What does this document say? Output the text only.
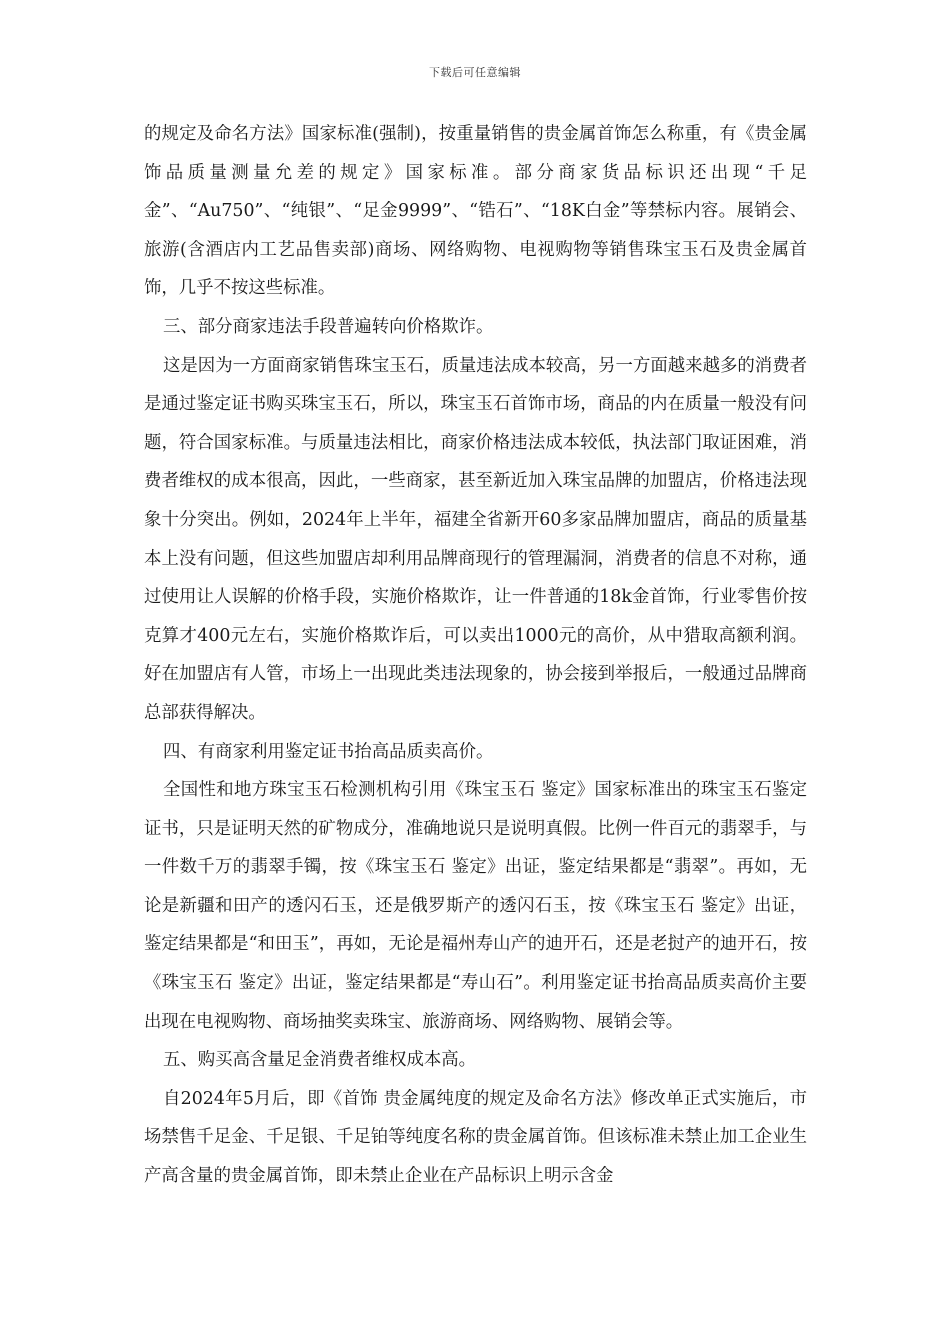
下载后可任意编辑

的规定及命名方法》国家标准(强制)，按重量销售的贵金属首饰怎么称重，有《贵金属饰品质量测量允差的规定》国家标准。部分商家货品标识还出现“千足金”、“Au750”、“纯银”、“足金9999”、“锆石”、“18K白金”等禁标内容。展销会、旅游(含酒店内工艺品售卖部)商场、网络购物、电视购物等销售珠宝玉石及贵金属首饰，几乎不按这些标准。

三、部分商家违法手段普遍转向价格欺诈。

这是因为一方面商家销售珠宝玉石，质量违法成本较高，另一方面越来越多的消费者是通过鉴定证书购买珠宝玉石，所以，珠宝玉石首饰市场，商品的内在质量一般没有问题，符合国家标准。与质量违法相比，商家价格违法成本较低，执法部门取证困难，消费者维权的成本很高，因此，一些商家，甚至新近加入珠宝品牌的加盟店，价格违法现象十分突出。例如，2024年上半年，福建全省新开60多家品牌加盟店，商品的质量基本上没有问题，但这些加盟店却利用品牌商现行的管理漏洞，消费者的信息不对称，通过使用让人误解的价格手段，实施价格欺诈，让一件普通的18k金首饰，行业零售价按克算才400元左右，实施价格欺诈后，可以卖出1000元的高价，从中猎取高额利润。好在加盟店有人管，市场上一出现此类违法现象的，协会接到举报后，一般通过品牌商总部获得解决。

四、有商家利用鉴定证书抬高品质卖高价。

全国性和地方珠宝玉石检测机构引用《珠宝玉石 鉴定》国家标准出的珠宝玉石鉴定证书，只是证明天然的矿物成分，准确地说只是说明真假。比例一件百元的翡翠手，与一件数千万的翡翠手镯，按《珠宝玉石 鉴定》出证，鉴定结果都是“翡翠”。再如，无论是新疆和田产的透闪石玉，还是俄罗斯产的透闪石玉，按《珠宝玉石 鉴定》出证，鉴定结果都是“和田玉”，再如，无论是福州寿山产的迪开石，还是老挝产的迪开石，按《珠宝玉石 鉴定》出证，鉴定结果都是“寿山石”。利用鉴定证书抬高品质卖高价主要出现在电视购物、商场抽奖卖珠宝、旅游商场、网络购物、展销会等。

五、购买高含量足金消费者维权成本高。

自2024年5月后，即《首饰 贵金属纯度的规定及命名方法》修改单正式实施后，市场禁售千足金、千足银、千足铂等纯度名称的贵金属首饰。但该标准未禁止加工企业生产高含量的贵金属首饰，即未禁止企业在产品标识上明示含金
